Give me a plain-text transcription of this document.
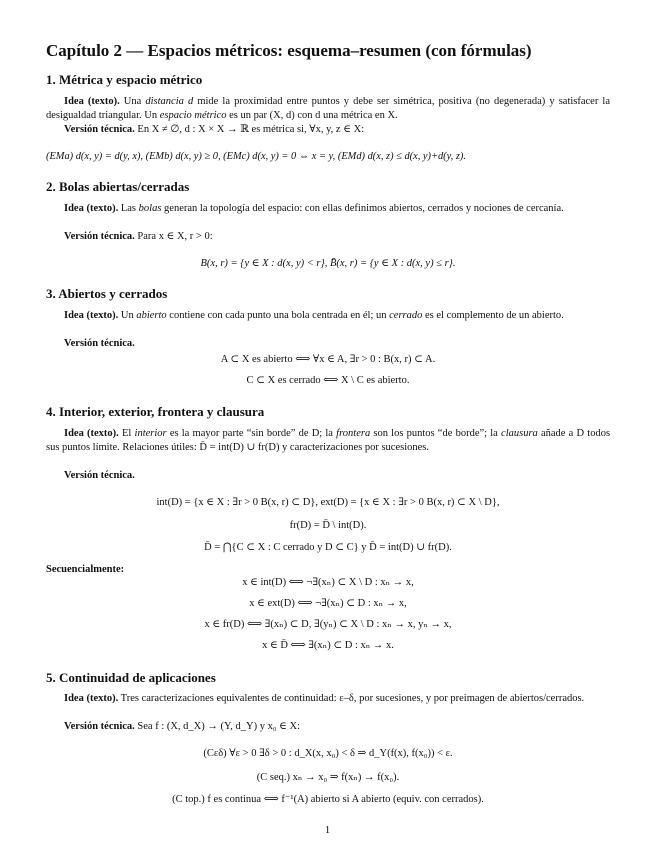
Capítulo 2 — Espacios métricos: esquema–resumen (con fórmulas)
1. Métrica y espacio métrico
Idea (texto). Una distancia d mide la proximidad entre puntos y debe ser simétrica, positiva (no degenerada) y satisfacer la desigualdad triangular. Un espacio métrico es un par (X, d) con d una métrica en X.
Versión técnica. En X ≠ ∅, d : X × X → ℝ es métrica si, ∀x, y, z ∈ X:
(EMa) d(x, y) = d(y, x), (EMb) d(x, y) ≥ 0, (EMc) d(x, y) = 0 ⇔ x = y, (EMd) d(x, z) ≤ d(x, y)+d(y, z).
2. Bolas abiertas/cerradas
Idea (texto). Las bolas generan la topología del espacio: con ellas definimos abiertos, cerrados y nociones de cercanía.
Versión técnica. Para x ∈ X, r > 0:
B(x, r) = {y ∈ X : d(x, y) < r}, B̄(x, r) = {y ∈ X : d(x, y) ≤ r}.
3. Abiertos y cerrados
Idea (texto). Un abierto contiene con cada punto una bola centrada en él; un cerrado es el complemento de un abierto.
Versión técnica.
A ⊂ X es abierto ⟺ ∀x ∈ A, ∃r > 0 : B(x, r) ⊂ A.
C ⊂ X es cerrado ⟺ X \ C es abierto.
4. Interior, exterior, frontera y clausura
Idea (texto). El interior es la mayor parte “sin borde” de D; la frontera son los puntos “de borde”; la clausura añade a D todos sus puntos límite. Relaciones útiles: D̄ = int(D) ∪ fr(D) y caracterizaciones por sucesiones.
Versión técnica.
int(D) = {x ∈ X : ∃r > 0 B(x, r) ⊂ D}, ext(D) = {x ∈ X : ∃r > 0 B(x, r) ⊂ X \ D},
fr(D) = D̄ \ int(D).
D̄ = ⋂{C ⊂ X : C cerrado y D ⊂ C} y D̄ = int(D) ∪ fr(D).
Secuencialmente:
x ∈ int(D) ⟺ ¬∃(xₙ) ⊂ X \ D : xₙ → x,
x ∈ ext(D) ⟺ ¬∃(xₙ) ⊂ D : xₙ → x,
x ∈ fr(D) ⟺ ∃(xₙ) ⊂ D, ∃(yₙ) ⊂ X \ D : xₙ → x, yₙ → x,
x ∈ D̄ ⟺ ∃(xₙ) ⊂ D : xₙ → x.
5. Continuidad de aplicaciones
Idea (texto). Tres caracterizaciones equivalentes de continuidad: ε–δ, por sucesiones, y por preimagen de abiertos/cerrados.
Versión técnica. Sea f : (X, d_X) → (Y, d_Y) y x₀ ∈ X:
(Cεδ) ∀ε > 0 ∃δ > 0 : d_X(x, x₀) < δ ⇒ d_Y(f(x), f(x₀)) < ε.
(C seq.) xₙ → x₀ ⇒ f(xₙ) → f(x₀).
(C top.) f es continua ⟺ f⁻¹(A) abierto si A abierto (equiv. con cerrados).
1
